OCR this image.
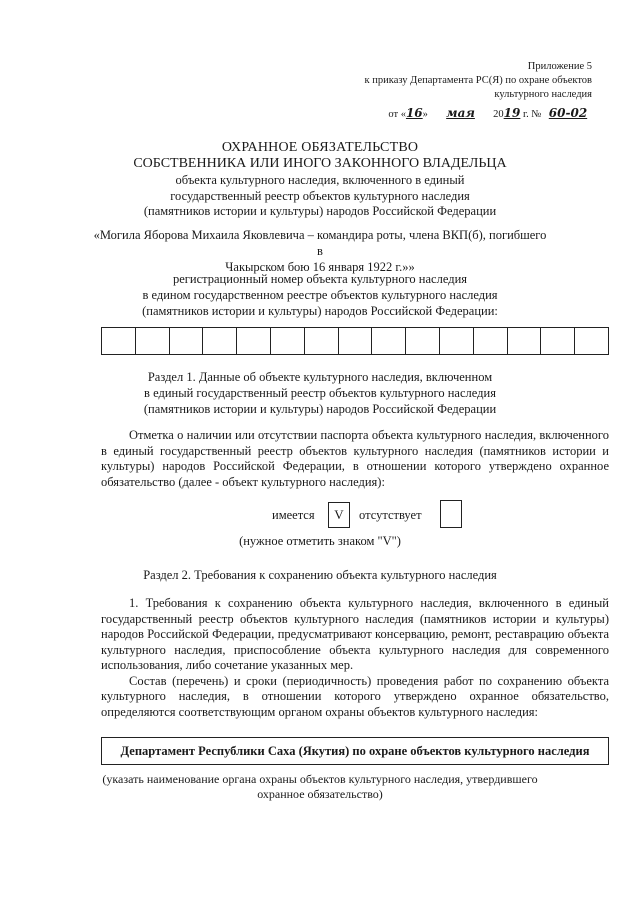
Приложение 5
к приказу Департамента РС(Я) по охране объектов
культурного наследия
от «16» мая 2019 г. № 60-02
ОХРАННОЕ ОБЯЗАТЕЛЬСТВО
СОБСТВЕННИКА ИЛИ ИНОГО ЗАКОННОГО ВЛАДЕЛЬЦА
объекта культурного наследия, включенного в единый
государственный реестр объектов культурного наследия
(памятников истории и культуры) народов Российской Федерации
«Могила Яборова Михаила Яковлевича – командира роты, члена ВКП(б), погибшего в
Чакырском бою 16 января 1922 г.»»
регистрационный номер объекта культурного наследия
в едином государственном реестре объектов культурного наследия
(памятников истории и культуры) народов Российской Федерации:
Раздел 1. Данные об объекте культурного наследия, включенном
в единый государственный реестр объектов культурного наследия
(памятников истории и культуры) народов Российской Федерации

Отметка о наличии или отсутствии паспорта объекта культурного наследия, включенного в единый государственный реестр объектов культурного наследия (памятников истории и культуры) народов Российской Федерации, в отношении которого утверждено охранное обязательство (далее - объект культурного наследия):

имеется	V	отсутствует
(нужное отметить знаком "V")
Раздел 2. Требования к сохранению объекта культурного наследия

1. Требования к сохранению объекта культурного наследия, включенного в единый государственный реестр объектов культурного наследия (памятников истории и культуры) народов Российской Федерации, предусматривают консервацию, ремонт, реставрацию объекта культурного наследия, приспособление объекта культурного наследия для современного использования, либо сочетание указанных мер.

Состав (перечень) и сроки (периодичность) проведения работ по сохранению объекта культурного наследия, в отношении которого утверждено охранное обязательство, определяются соответствующим органом охраны объектов культурного наследия:

Департамент Республики Саха (Якутия) по охране объектов культурного наследия
(указать наименование органа охраны объектов культурного наследия, утвердившего
охранное обязательство)
